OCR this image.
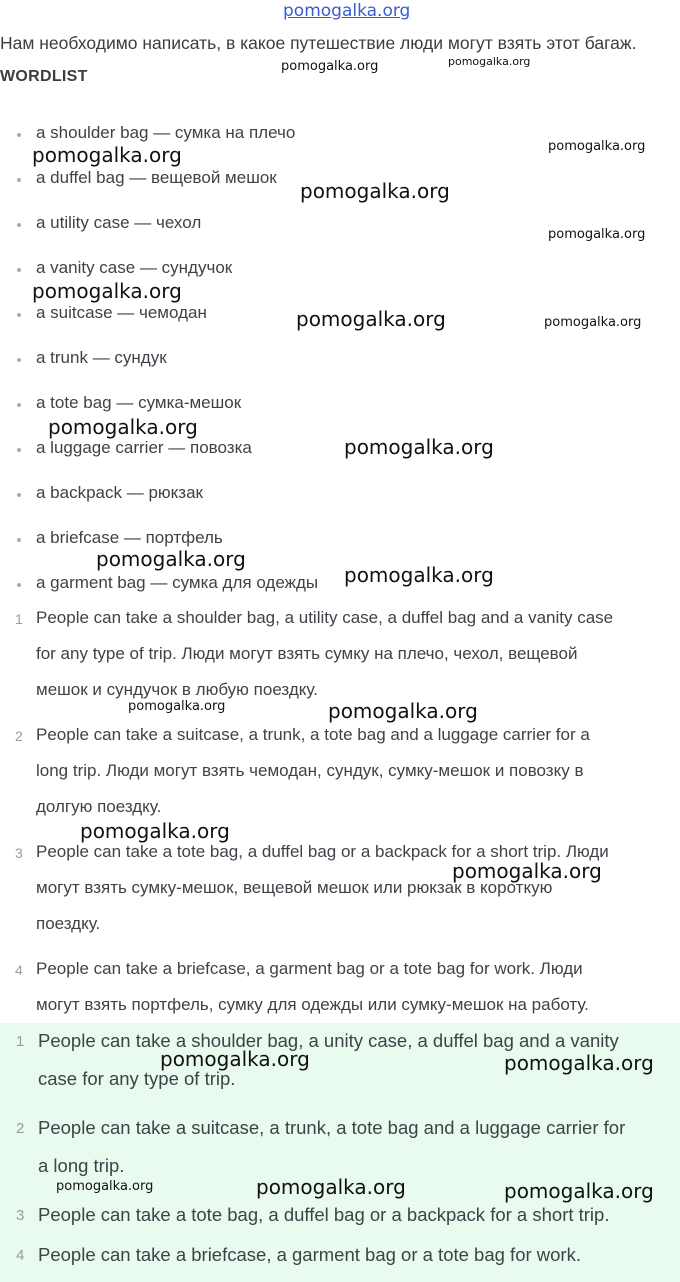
pomogalka.org
Нам необходимо написать, в какое путешествие люди могут взять этот багаж.
WORDLIST
a shoulder bag — сумка на плечо
a duffel bag — вещевой мешок
a utility case — чехол
a vanity case — сундучок
a suitcase — чемодан
a trunk — сундук
a tote bag — сумка-мешок
a luggage carrier — повозка
a backpack — рюкзак
a briefcase — портфель
a garment bag — сумка для одежды
1 People can take a shoulder bag, a utility case, a duffel bag and a vanity case
for any type of trip. Люди могут взять сумку на плечо, чехол, вещевой
мешок и сундучок в любую поездку.
2 People can take a suitcase, a trunk, a tote bag and a luggage carrier for a
long trip. Люди могут взять чемодан, сундук, сумку-мешок и повозку в
долгую поездку.
3 People can take a tote bag, a duffel bag or a backpack for a short trip. Люди
могут взять сумку-мешок, вещевой мешок или рюкзак в короткую
поездку.
4 People can take a briefcase, a garment bag or a tote bag for work. Люди
могут взять портфель, сумку для одежды или сумку-мешок на работу.
1 People can take a shoulder bag, a unity case, a duffel bag and a vanity
case for any type of trip.
2 People can take a suitcase, a trunk, a tote bag and a luggage carrier for
a long trip.
3 People can take a tote bag, a duffel bag or a backpack for a short trip.
4 People can take a briefcase, a garment bag or a tote bag for work.
pomogalka.org	pomogalka.org
pomogalka.org	pomogalka.org
pomogalka.org
pomogalka.org
pomogalka.org
pomogalka.org	pomogalka.org
pomogalka.org
pomogalka.org
pomogalka.org
pomogalka.org
pomogalka.org	pomogalka.org
pomogalka.org
pomogalka.org
pomogalka.org	pomogalka.org
pomogalka.org	pomogalka.org	pomogalka.org
